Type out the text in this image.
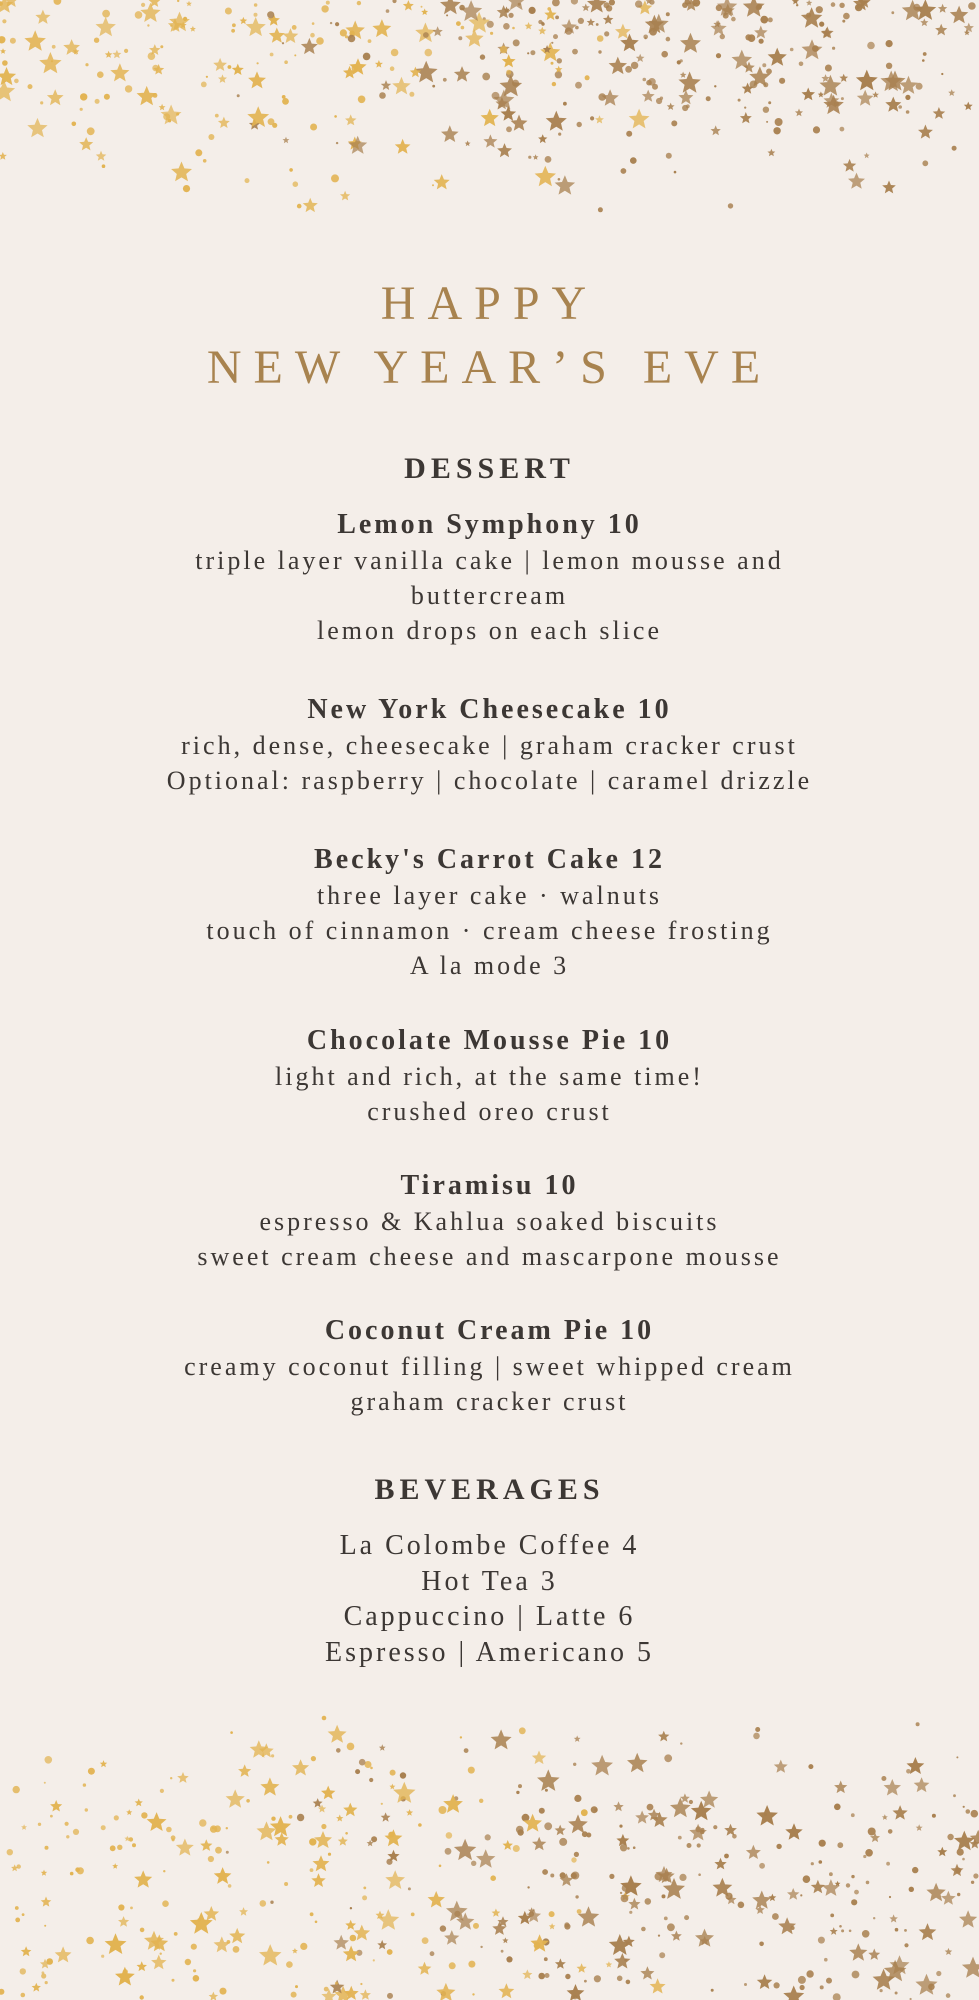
HAPPY
NEW YEAR’S EVE
DESSERT

Lemon Symphony 10

triple layer vanilla cake | lemon mousse and

buttercream

lemon drops on each slice

New York Cheesecake 10

rich, dense, cheesecake | graham cracker crust

Optional: raspberry | chocolate | caramel drizzle

Becky's Carrot Cake 12

three layer cake · walnuts

touch of cinnamon · cream cheese frosting

A la mode 3

Chocolate Mousse Pie 10

light and rich, at the same time!

crushed oreo crust

Tiramisu 10

espresso & Kahlua soaked biscuits

sweet cream cheese and mascarpone mousse

Coconut Cream Pie 10

creamy coconut filling | sweet whipped cream

graham cracker crust

BEVERAGES

La Colombe Coffee 4

Hot Tea 3

Cappuccino | Latte 6

Espresso | Americano 5
